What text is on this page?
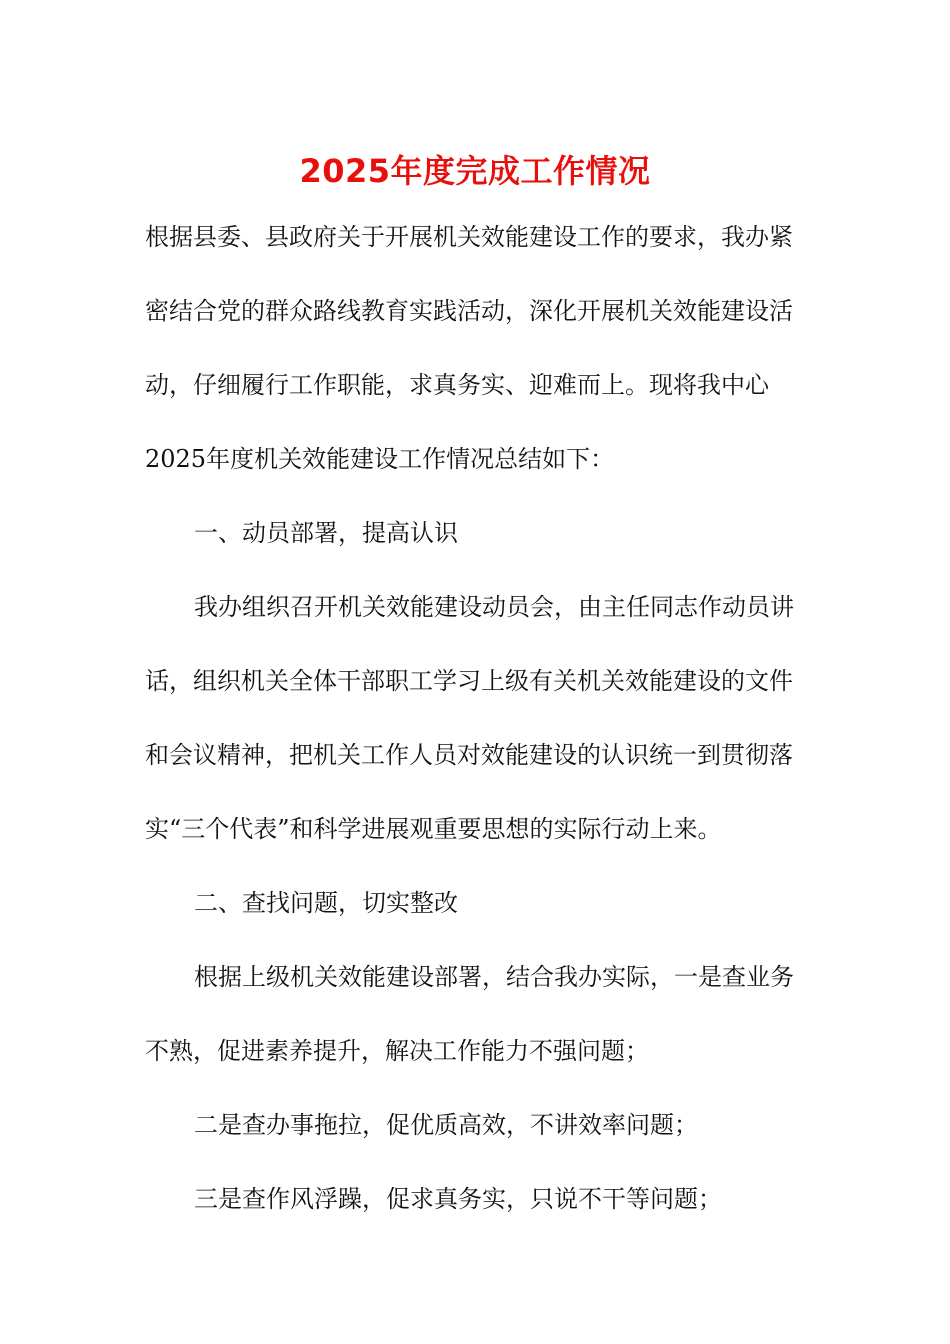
2025年度完成工作情况
根据县委、县政府关于开展机关效能建设工作的要求，我办紧
密结合党的群众路线教育实践活动，深化开展机关效能建设活
动，仔细履行工作职能，求真务实、迎难而上。现将我中心
2025年度机关效能建设工作情况总结如下：
一、动员部署，提高认识
我办组织召开机关效能建设动员会，由主任同志作动员讲
话，组织机关全体干部职工学习上级有关机关效能建设的文件
和会议精神，把机关工作人员对效能建设的认识统一到贯彻落
实“三个代表”和科学进展观重要思想的实际行动上来。
二、查找问题，切实整改
根据上级机关效能建设部署，结合我办实际，一是查业务
不熟，促进素养提升，解决工作能力不强问题；
二是查办事拖拉，促优质高效，不讲效率问题；
三是查作风浮躁，促求真务实，只说不干等问题；
